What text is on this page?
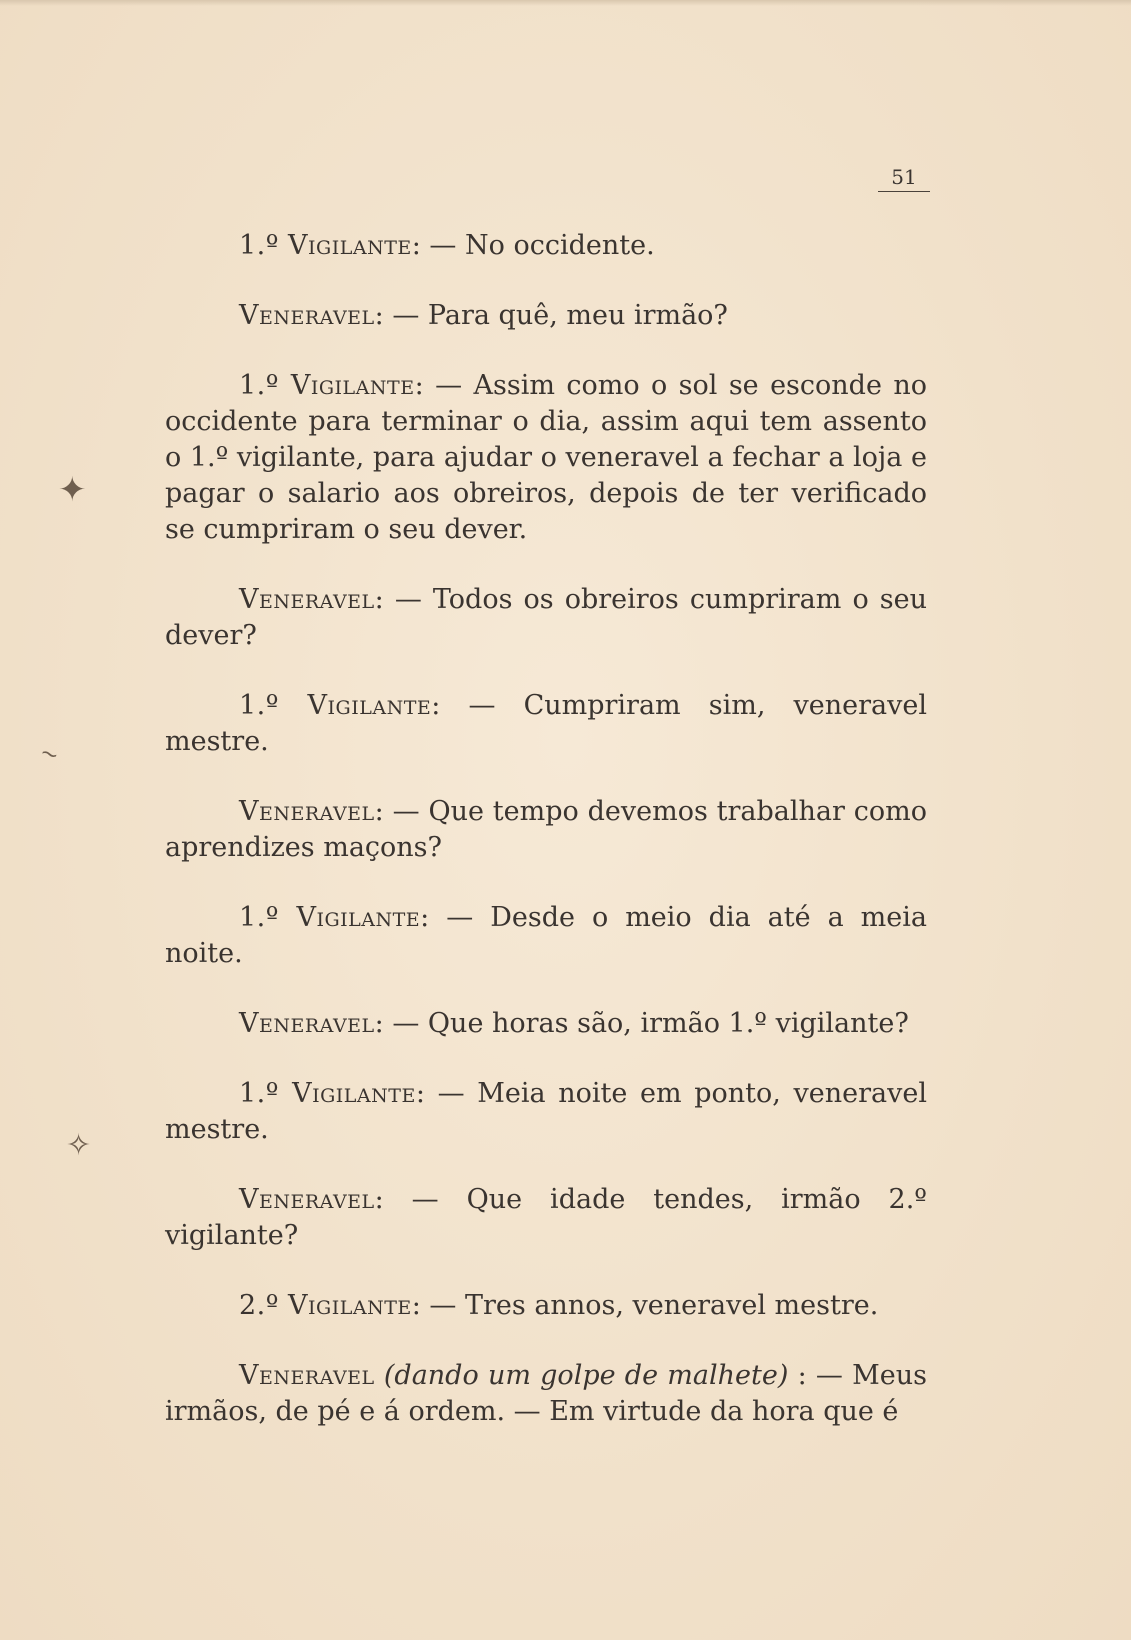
51
✦
~
✧

1.º Vigilante: — No occidente.

Veneravel: — Para quê, meu irmão?

1.º Vigilante: — Assim como o sol se esconde no occidente para terminar o dia, assim aqui tem assento o 1.º vigilante, para ajudar o veneravel a fechar a loja e pagar o salario aos obreiros, depois de ter verificado se cumpriram o seu dever.

Veneravel: — Todos os obreiros cumpriram o seu dever?

1.º Vigilante: — Cumpriram sim, veneravel mestre.

Veneravel: — Que tempo devemos trabalhar como aprendizes maçons?

1.º Vigilante: — Desde o meio dia até a meia noite.

Veneravel: — Que horas são, irmão 1.º vigilante?

1.º Vigilante: — Meia noite em ponto, veneravel mestre.

Veneravel: — Que idade tendes, irmão 2.º vigilante?

2.º Vigilante: — Tres annos, veneravel mestre.

Veneravel (dando um golpe de malhete) : — Meus irmãos, de pé e á ordem. — Em virtude da hora que é
